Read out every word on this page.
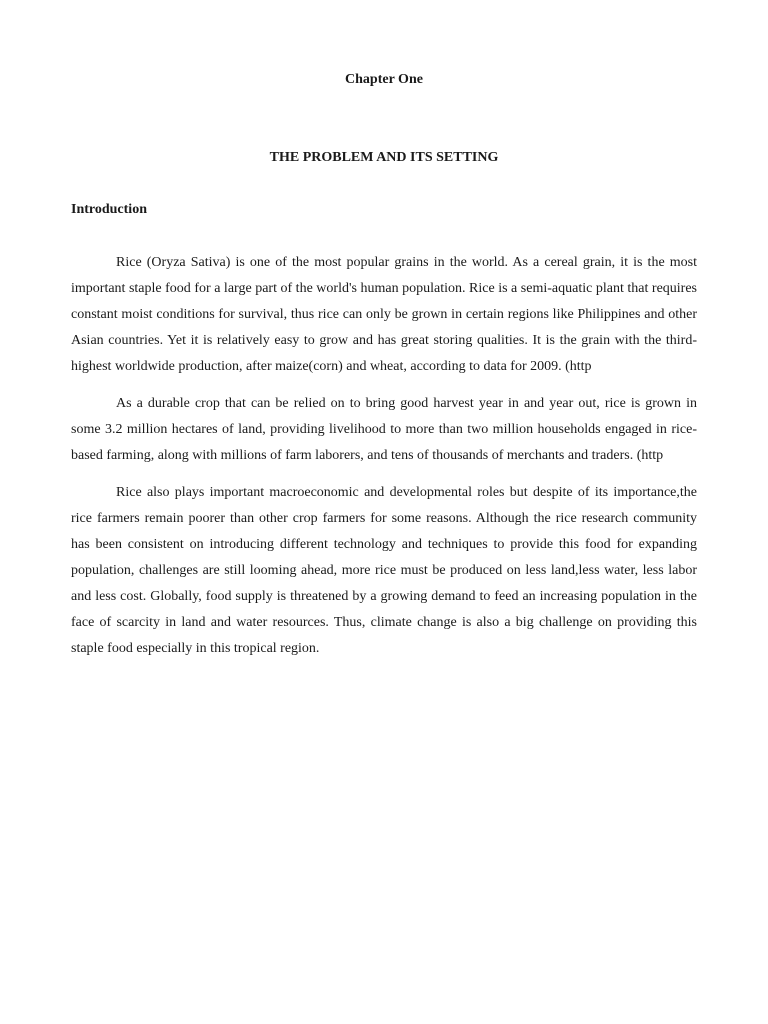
Chapter One
THE PROBLEM AND ITS SETTING
Introduction

Rice (Oryza Sativa) is one of the most popular grains in the world. As a cereal grain, it is the most important staple food for a large part of the world's human population. Rice is a semi-aquatic plant that requires constant moist conditions for survival, thus rice can only be grown in certain regions like Philippines and other Asian countries. Yet it is relatively easy to grow and has great storing qualities. It is the grain with the third-highest worldwide production, after maize(corn) and wheat, according to data for 2009. (http

As a durable crop that can be relied on to bring good harvest year in and year out, rice is grown in some 3.2 million hectares of land, providing livelihood to more than two million households engaged in rice-based farming, along with millions of farm laborers, and tens of thousands of merchants and traders. (http

Rice also plays important macroeconomic and developmental roles but despite of its importance,the rice farmers remain poorer than other crop farmers for some reasons. Although the rice research community has been consistent on introducing different technology and techniques to provide this food for expanding population, challenges are still looming ahead, more rice must be produced on less land,less water, less labor and less cost. Globally, food supply is threatened by a growing demand to feed an increasing population in the face of scarcity in land and water resources. Thus, climate change is also a big challenge on providing this staple food especially in this tropical region.
